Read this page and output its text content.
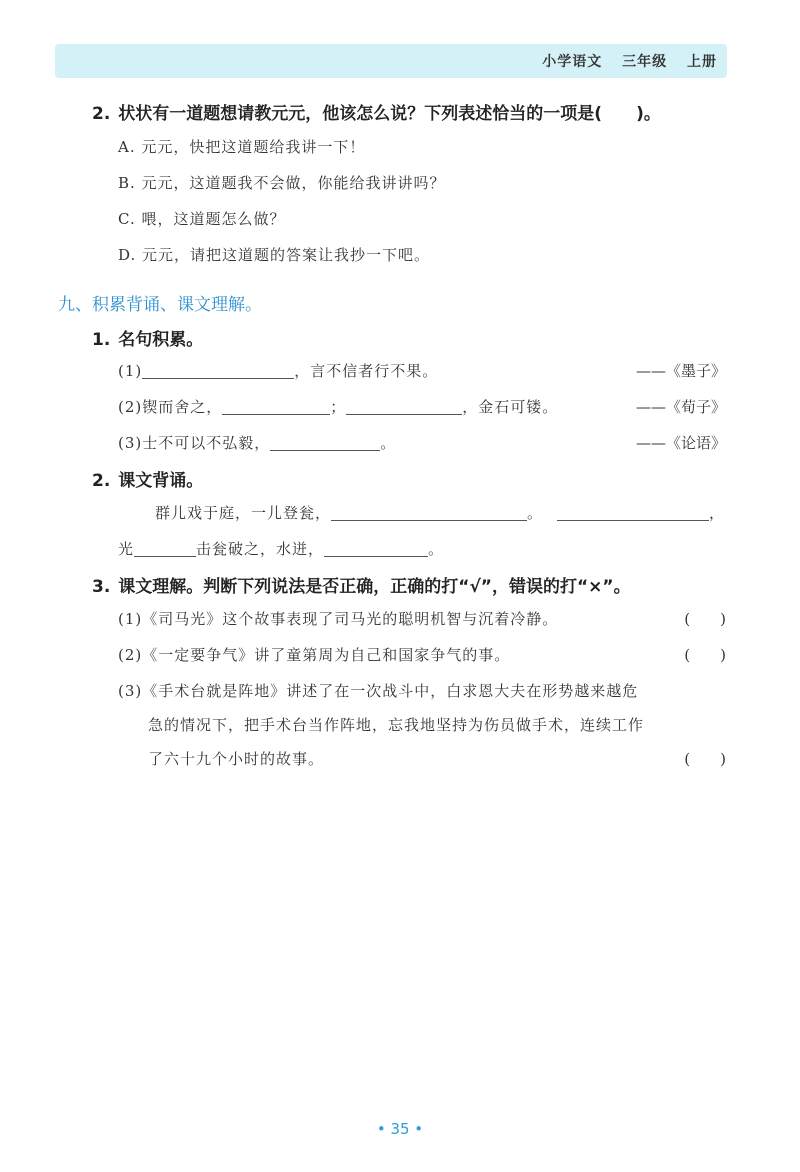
小学语文 三年级 上册
2. 状状有一道题想请教元元，他该怎么说？下列表述恰当的一项是(　　)。
A. 元元，快把这道题给我讲一下！
B. 元元，这道题我不会做，你能给我讲讲吗？
C. 喂，这道题怎么做？
D. 元元，请把这道题的答案让我抄一下吧。
九、积累背诵、课文理解。
1. 名句积累。
(1)	，言不信者行不果。	——《墨子》
(2)锲而舍之，	；	，金石可镂。	——《荀子》
(3)士不可以不弘毅，	。	——《论语》
2. 课文背诵。
群儿戏于庭，一儿登瓮，	。	，
光	击瓮破之，水迸，	。
3. 课文理解。判断下列说法是否正确，正确的打“√”，错误的打“×”。
(1)《司马光》这个故事表现了司马光的聪明机智与沉着冷静。	(　　)
(2)《一定要争气》讲了童第周为自己和国家争气的事。	(　　)
(3)《手术台就是阵地》讲述了在一次战斗中，白求恩大夫在形势越来越危
急的情况下，把手术台当作阵地，忘我地坚持为伤员做手术，连续工作
了六十九个小时的故事。	(　　)
• 35 •
